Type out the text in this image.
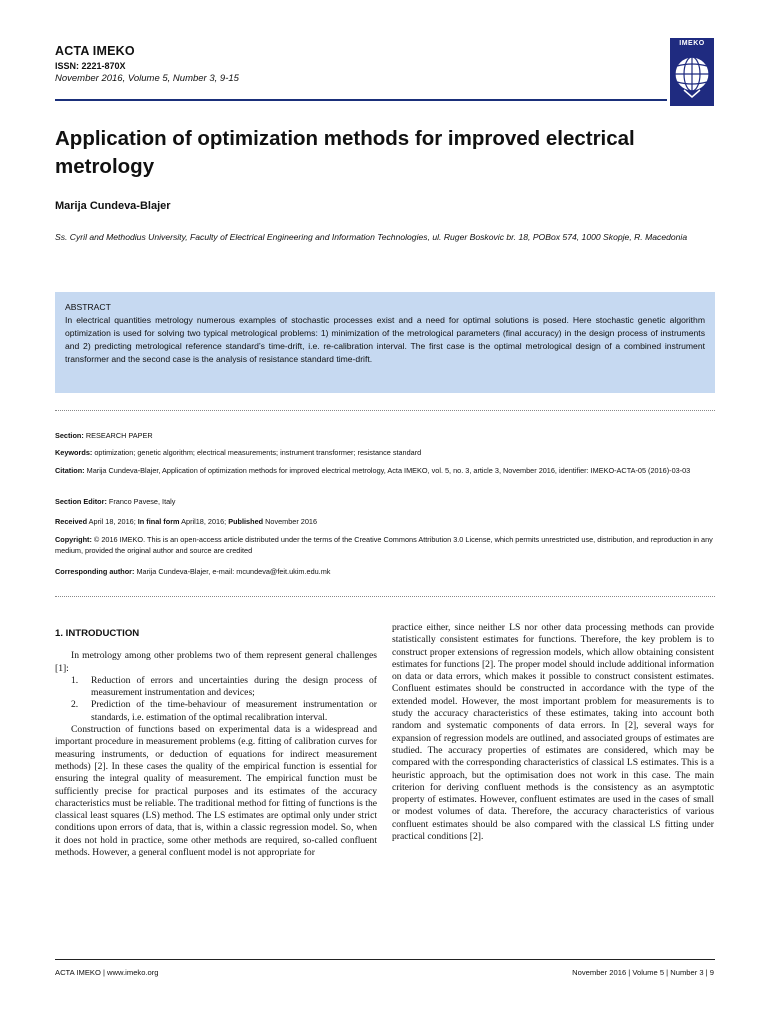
ACTA IMEKO
ISSN: 2221-870X
November 2016, Volume 5, Number 3, 9-15
IMEKO
Application of optimization methods for improved electrical metrology
Marija Cundeva-Blajer
Ss. Cyril and Methodius University, Faculty of Electrical Engineering and Information Technologies, ul. Ruger Boskovic br. 18, POBox 574, 1000 Skopje, R. Macedonia
ABSTRACT
In electrical quantities metrology numerous examples of stochastic processes exist and a need for optimal solutions is posed. Here stochastic genetic algorithm optimization is used for solving two typical metrological problems: 1) minimization of the metrological parameters (final accuracy) in the design process of instruments and 2) predicting metrological reference standard’s time-drift, i.e. re-calibration interval. The first case is the optimal metrological design of a combined instrument transformer and the second case is the analysis of resistance standard time-drift.
Section: RESEARCH PAPER
Keywords: optimization; genetic algorithm; electrical measurements; instrument transformer; resistance standard
Citation: Marija Cundeva-Blajer, Application of optimization methods for improved electrical metrology, Acta IMEKO, vol. 5, no. 3, article 3, November 2016, identifier: IMEKO-ACTA-05 (2016)-03-03
Section Editor: Franco Pavese, Italy
Received April 18, 2016; In final form April18, 2016; Published November 2016
Copyright: © 2016 IMEKO. This is an open-access article distributed under the terms of the Creative Commons Attribution 3.0 License, which permits unrestricted use, distribution, and reproduction in any medium, provided the original author and source are credited
Corresponding author: Marija Cundeva-Blajer, e-mail: mcundeva@feit.ukim.edu.mk
1. INTRODUCTION

In metrology among other problems two of them represent general challenges [1]:

1.	Reduction of errors and uncertainties during the design process of measurement instrumentation and devices;
2.	Prediction of the time-behaviour of measurement instrumentation or standards, i.e. estimation of the optimal recalibration interval.

Construction of functions based on experimental data is a widespread and important procedure in measurement problems (e.g. fitting of calibration curves for measuring instruments, or deduction of equations for indirect measurement methods) [2]. In these cases the quality of the empirical function is essential for ensuring the integral quality of measurement. The empirical function must be sufficiently precise for practical purposes and its estimates of the accuracy characteristics must be reliable. The traditional method for fitting of functions is the classical least squares (LS) method. The LS estimates are optimal only under strict conditions upon errors of data, that is, within a classic regression model. So, when it does not hold in practice, some other methods are required, so-called confluent methods. However, a general confluent model is not appropriate for

practice either, since neither LS nor other data processing methods can provide statistically consistent estimates for functions. Therefore, the key problem is to construct proper extensions of regression models, which allow obtaining consistent estimates for functions [2]. The proper model should include additional information on data or data errors, which makes it possible to construct consistent estimates. Confluent estimates should be constructed in accordance with the type of the extended model. However, the most important problem for measurements is to study the accuracy characteristics of these estimates, taking into account both random and systematic components of data errors. In [2], several ways for expansion of regression models are outlined, and associated groups of estimates are studied. The accuracy properties of estimates are considered, which may be compared with the corresponding characteristics of classical LS estimates. This is a heuristic approach, but the optimisation does not work in this case. The main criterion for deriving confluent methods is the consistency as an asymptotic property of estimates. However, confluent estimates are used in the cases of small or modest volumes of data. Therefore, the accuracy characteristics of various confluent estimates should be also compared with the classical LS fitting under practical conditions [2].

ACTA IMEKO | www.imeko.org	November 2016 | Volume 5 | Number 3 | 9
